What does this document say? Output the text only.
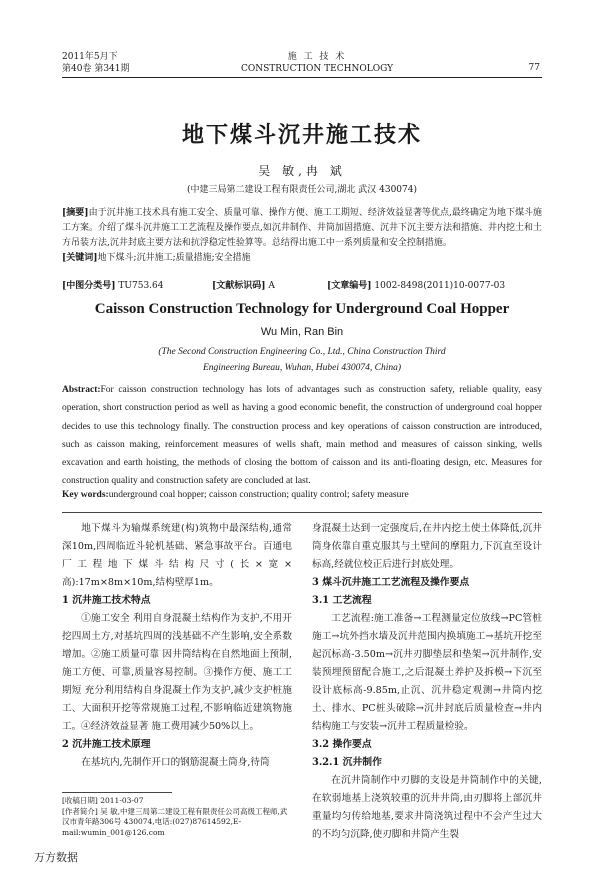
2011年5月下
第40卷 第341期
施 工 技 术
CONSTRUCTION TECHNOLOGY	77
地下煤斗沉井施工技术
吴 敏,冉 斌
(中建三局第二建设工程有限责任公司,湖北 武汉 430074)
[摘要]由于沉井施工技术具有施工安全、质量可靠、操作方便、施工工期短、经济效益显著等优点,最终确定为地下煤斗施工方案。介绍了煤斗沉井施工工艺流程及操作要点,如沉井制作、井筒加固措施、沉井下沉主要方法和措施、井内挖土和土方吊装方法,沉井封底主要方法和抗浮稳定性验算等。总结得出施工中一系列质量和安全控制措施。
[关键词]地下煤斗;沉井施工;质量措施;安全措施
[中图分类号] TU753.64	[文献标识码] A	[文章编号] 1002-8498(2011)10-0077-03
Caisson Construction Technology for Underground Coal Hopper
Wu Min, Ran Bin
(The Second Construction Engineering Co., Ltd., China Construction Third
Engineering Bureau, Wuhan, Hubei 430074, China)
Abstract:For caisson construction technology has lots of advantages such as construction safety, reliable quality, easy operation, short construction period as well as having a good economic benefit, the construction of underground coal hopper decides to use this technology finally. The construction process and key operations of caisson construction are introduced, such as caisson making, reinforcement measures of wells shaft, main method and measures of caisson sinking, wells excavation and earth hoisting, the methods of closing the bottom of caisson and its anti-floating design, etc. Measures for construction quality and construction safety are concluded at last.
Key words:underground coal hopper; caisson construction; quality control; safety measure

地下煤斗为输煤系统建(构)筑物中最深结构,通常深10m,四周临近斗轮机基础、紧急事故平台。百通电厂工程地下煤斗结构尺寸(长×宽×高):17m×8m×10m,结构壁厚1m。

1 沉井施工技术特点

①施工安全 利用自身混凝土结构作为支护,不用开挖四周土方,对基坑四周的浅基础不产生影响,安全系数增加。②施工质量可靠 因井筒结构在自然地面上预制,施工方便、可靠,质量容易控制。③操作方便、施工工期短 充分利用结构自身混凝土作为支护,减少支护桩施工、大面积开挖等常规施工过程,不影响临近建筑物施工。④经济效益显著 施工费用减少50%以上。

2 沉井施工技术原理

在基坑内,先制作开口的钢筋混凝土筒身,待筒

身混凝土达到一定强度后,在井内挖土使土体降低,沉井筒身依靠自重克服其与土壁间的摩阻力,下沉直至设计标高,经就位校正后进行封底处理。

3 煤斗沉井施工工艺流程及操作要点
3.1 工艺流程

工艺流程:施工准备→工程测量定位放线→PC管桩施工→坑外挡水墙及沉井范围内换填施工→基坑开挖至起沉标高-3.50m→沉井刃脚垫层和垫架→沉井制作,安装预埋预留配合施工,之后混凝土养护及拆模→下沉至设计底标高-9.85m,止沉、沉井稳定观测→井筒内挖土、排水、PC桩头破除→沉井封底后质量检查→井内结构施工与安装→沉井工程质量检验。

3.2 操作要点
3.2.1 沉井制作

在沉井筒制作中刃脚的支设是井筒制作中的关键,在软弱地基上浇筑较重的沉井井筒,由刃脚将上部沉井重量均匀传给地基,要求井筒浇筑过程中不会产生过大的不均匀沉降,使刃脚和井筒产生裂

[收稿日期] 2011-03-07
[作者简介] 吴 敏,中建三局第二建设工程有限责任公司高级工程师,武汉市青年路306号 430074,电话:(027)87614592,E-mail:wumin_001@126.com
万方数据
